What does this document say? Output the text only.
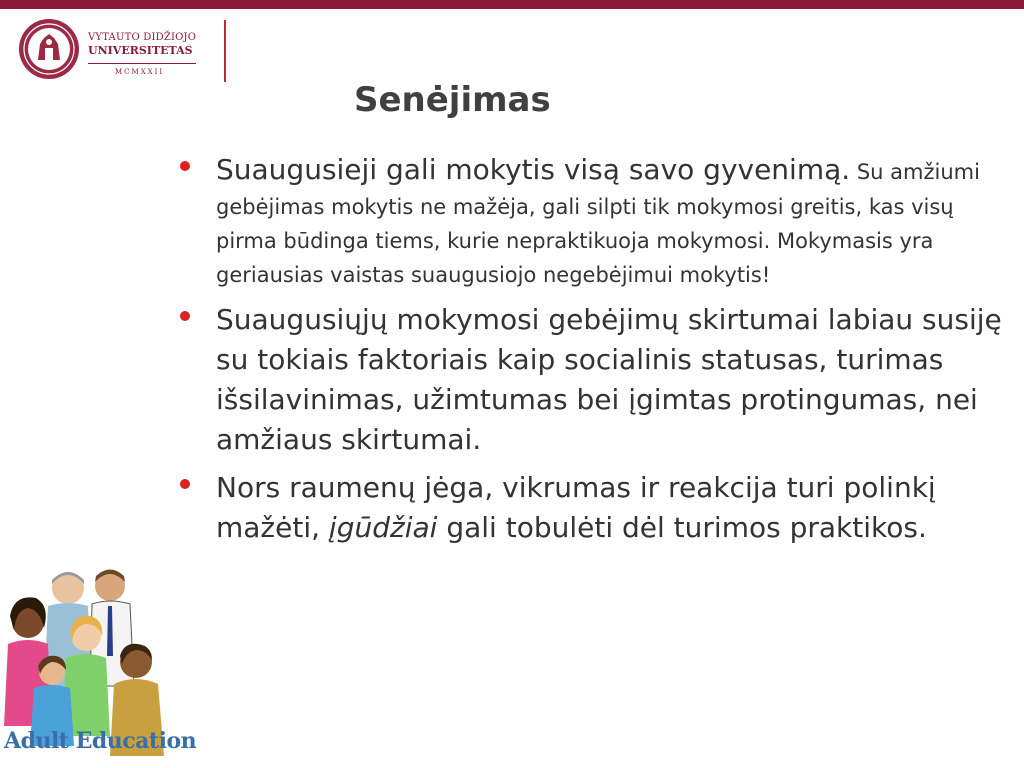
VYTAUTO DIDŽIOJO
UNIVERSITETAS
MCMXXII
Senėjimas
Suaugusieji gali mokytis visą savo gyvenimą. Su amžiumi gebėjimas mokytis ne mažėja, gali silpti tik mokymosi greitis, kas visų pirma būdinga tiems, kurie nepraktikuoja mokymosi. Mokymasis yra geriausias vaistas suaugusiojo negebėjimui mokytis!
Suaugusiųjų mokymosi gebėjimų skirtumai labiau susiję su tokiais faktoriais kaip socialinis statusas, turimas išsilavinimas, užimtumas bei įgimtas protingumas, nei amžiaus skirtumai.
Nors raumenų jėga, vikrumas ir reakcija turi polinkį mažėti, įgūdžiai gali tobulėti dėl turimos praktikos.
Adult Education
